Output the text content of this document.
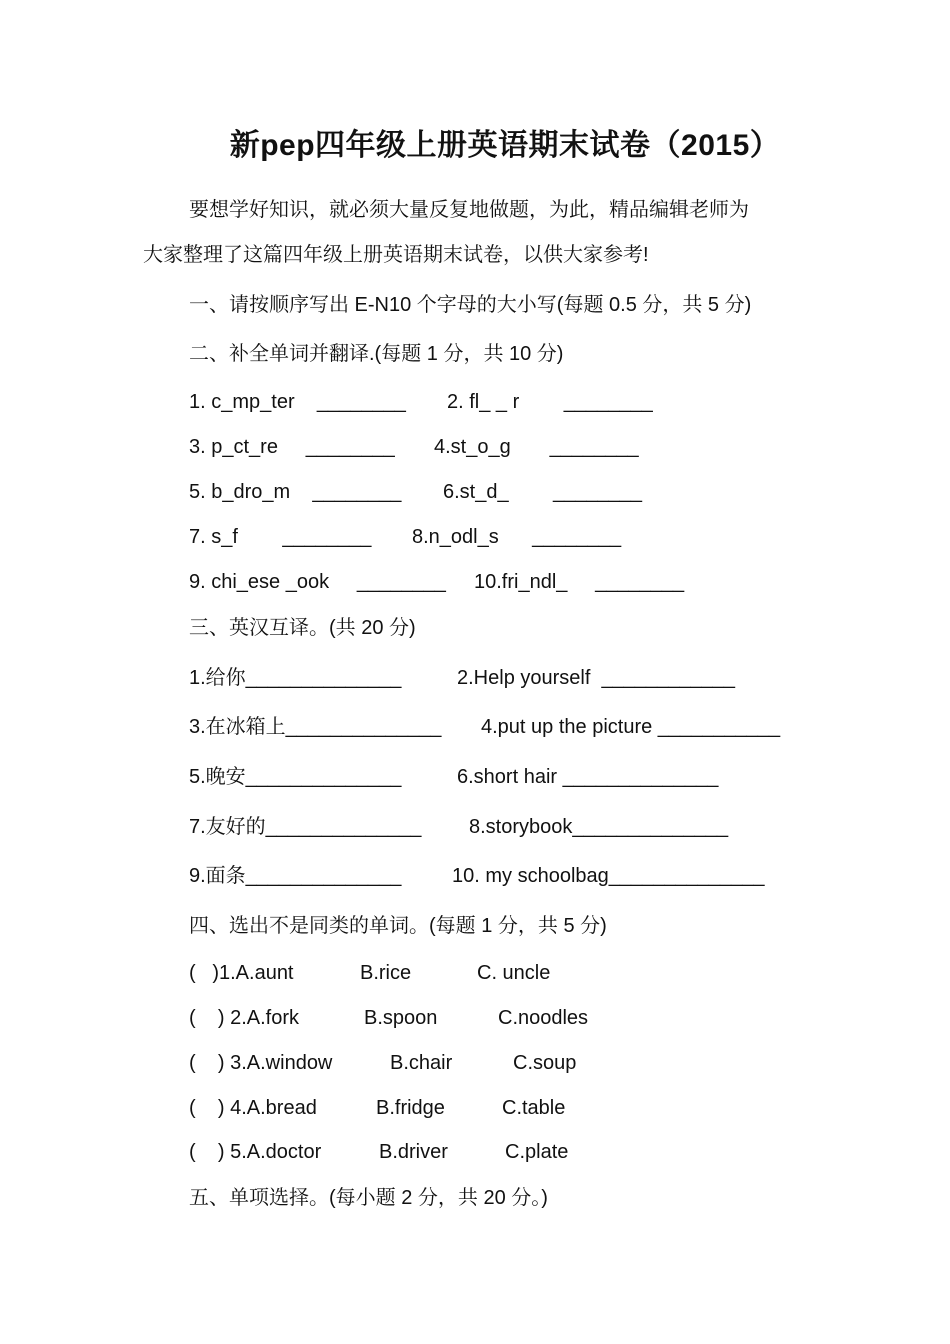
新pep四年级上册英语期末试卷（2015）
要想学好知识，就必须大量反复地做题，为此，精品编辑老师为
大家整理了这篇四年级上册英语期末试卷，以供大家参考!
一、请按顺序写出 E-N10 个字母的大小写(每题 0.5 分，共 5 分)
二、补全单词并翻译.(每题 1 分，共 10 分)
1. c_mp_ter    ________ 2. fl_ _ r        ________
3. p_ct_re     ________ 4.st_o_g       ________
5. b_dro_m    ________ 6.st_d_        ________
7. s_f        ________ 8.n_odl_s      ________
9. chi_ese _ook     ________ 10.fri_ndl_     ________
三、英汉互译。(共 20 分)
1.给你______________	2.Help yourself  ____________
3.在冰箱上______________ 4.put up the picture ___________
5.晚安______________	6.short hair ______________
7.友好的______________ 8.storybook______________
9.面条______________	10. my schoolbag______________
四、选出不是同类的单词。(每题 1 分，共 5 分)
(   )1.A.aunt	B.rice	C. uncle
(    ) 2.A.fork	B.spoon	C.noodles
(    ) 3.A.window	B.chair	C.soup
(    ) 4.A.bread	B.fridge	C.table
(    ) 5.A.doctor	B.driver	C.plate
五、单项选择。(每小题 2 分，共 20 分。)
